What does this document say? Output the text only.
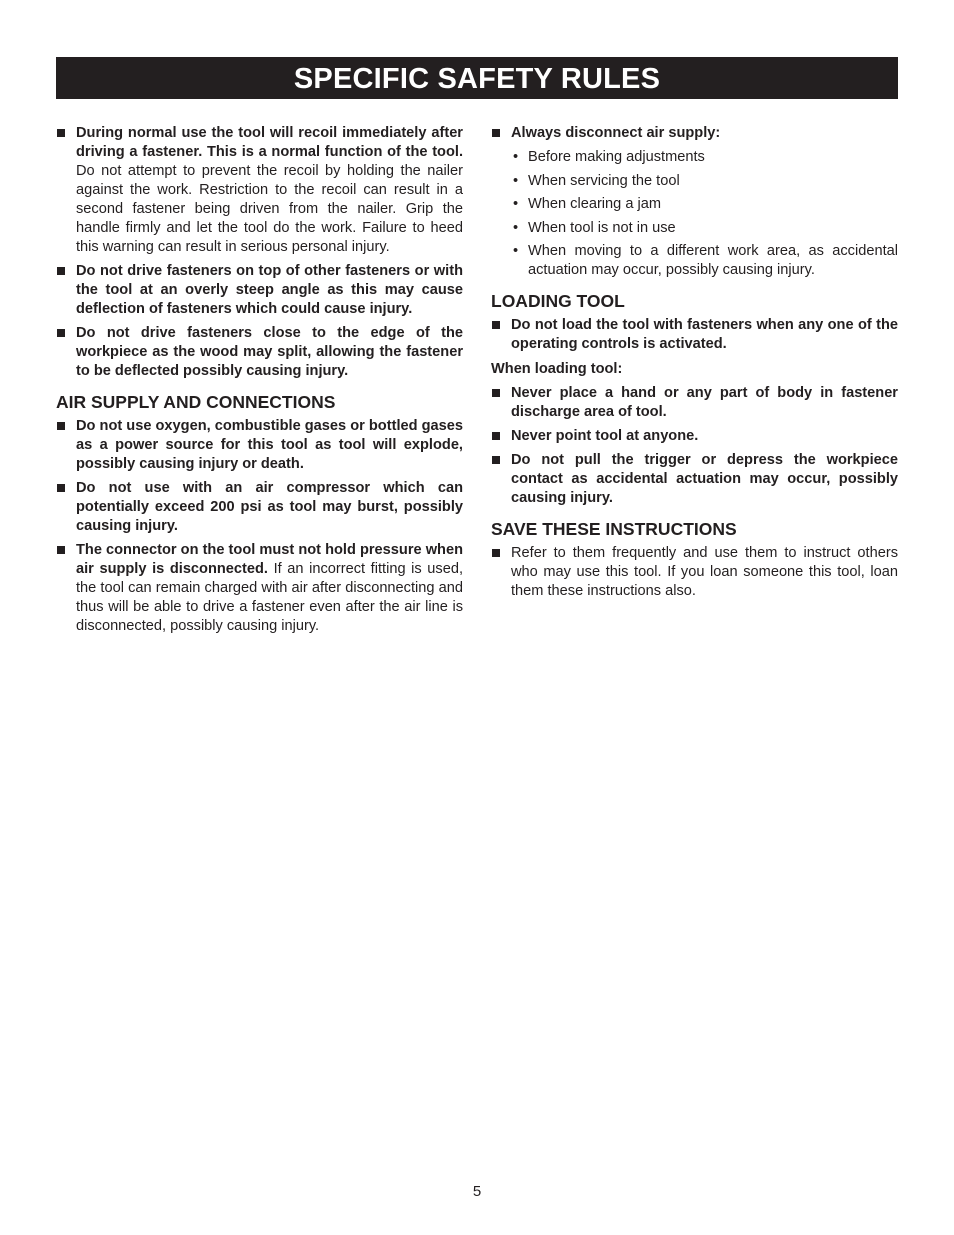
SPECIFIC SAFETY RULES
During normal use the tool will recoil immediately after driving a fastener. This is a normal function of the tool. Do not attempt to prevent the recoil by holding the nailer against the work. Restriction to the recoil can result in a second fastener being driven from the nailer. Grip the handle firmly and let the tool do the work. Failure to heed this warning can result in serious personal injury.
Do not drive fasteners on top of other fasteners or with the tool at an overly steep angle as this may cause deflection of fasteners which could cause injury.
Do not drive fasteners close to the edge of the workpiece as the wood may split, allowing the fastener to be deflected possibly causing injury.
AIR SUPPLY AND CONNECTIONS
Do not use oxygen, combustible gases or bottled gases as a power source for this tool as tool will explode, possibly causing injury or death.
Do not use with an air compressor which can potentially exceed 200 psi as tool may burst, possibly causing injury.
The connector on the tool must not hold pressure when air supply is disconnected. If an incorrect fitting is used, the tool can remain charged with air after disconnecting and thus will be able to drive a fastener even after the air line is disconnected, possibly causing injury.
Always disconnect air supply:
• Before making adjustments
• When servicing the tool
• When clearing a jam
• When tool is not in use
• When moving to a different work area, as accidental actuation may occur, possibly causing injury.
LOADING TOOL
Do not load the tool with fasteners when any one of the operating controls is activated.
When loading tool:
Never place a hand or any part of body in fastener discharge area of tool.
Never point tool at anyone.
Do not pull the trigger or depress the workpiece contact as accidental actuation may occur, possibly causing injury.
SAVE THESE INSTRUCTIONS
Refer to them frequently and use them to instruct others who may use this tool. If you loan someone this tool, loan them these instructions also.
5
